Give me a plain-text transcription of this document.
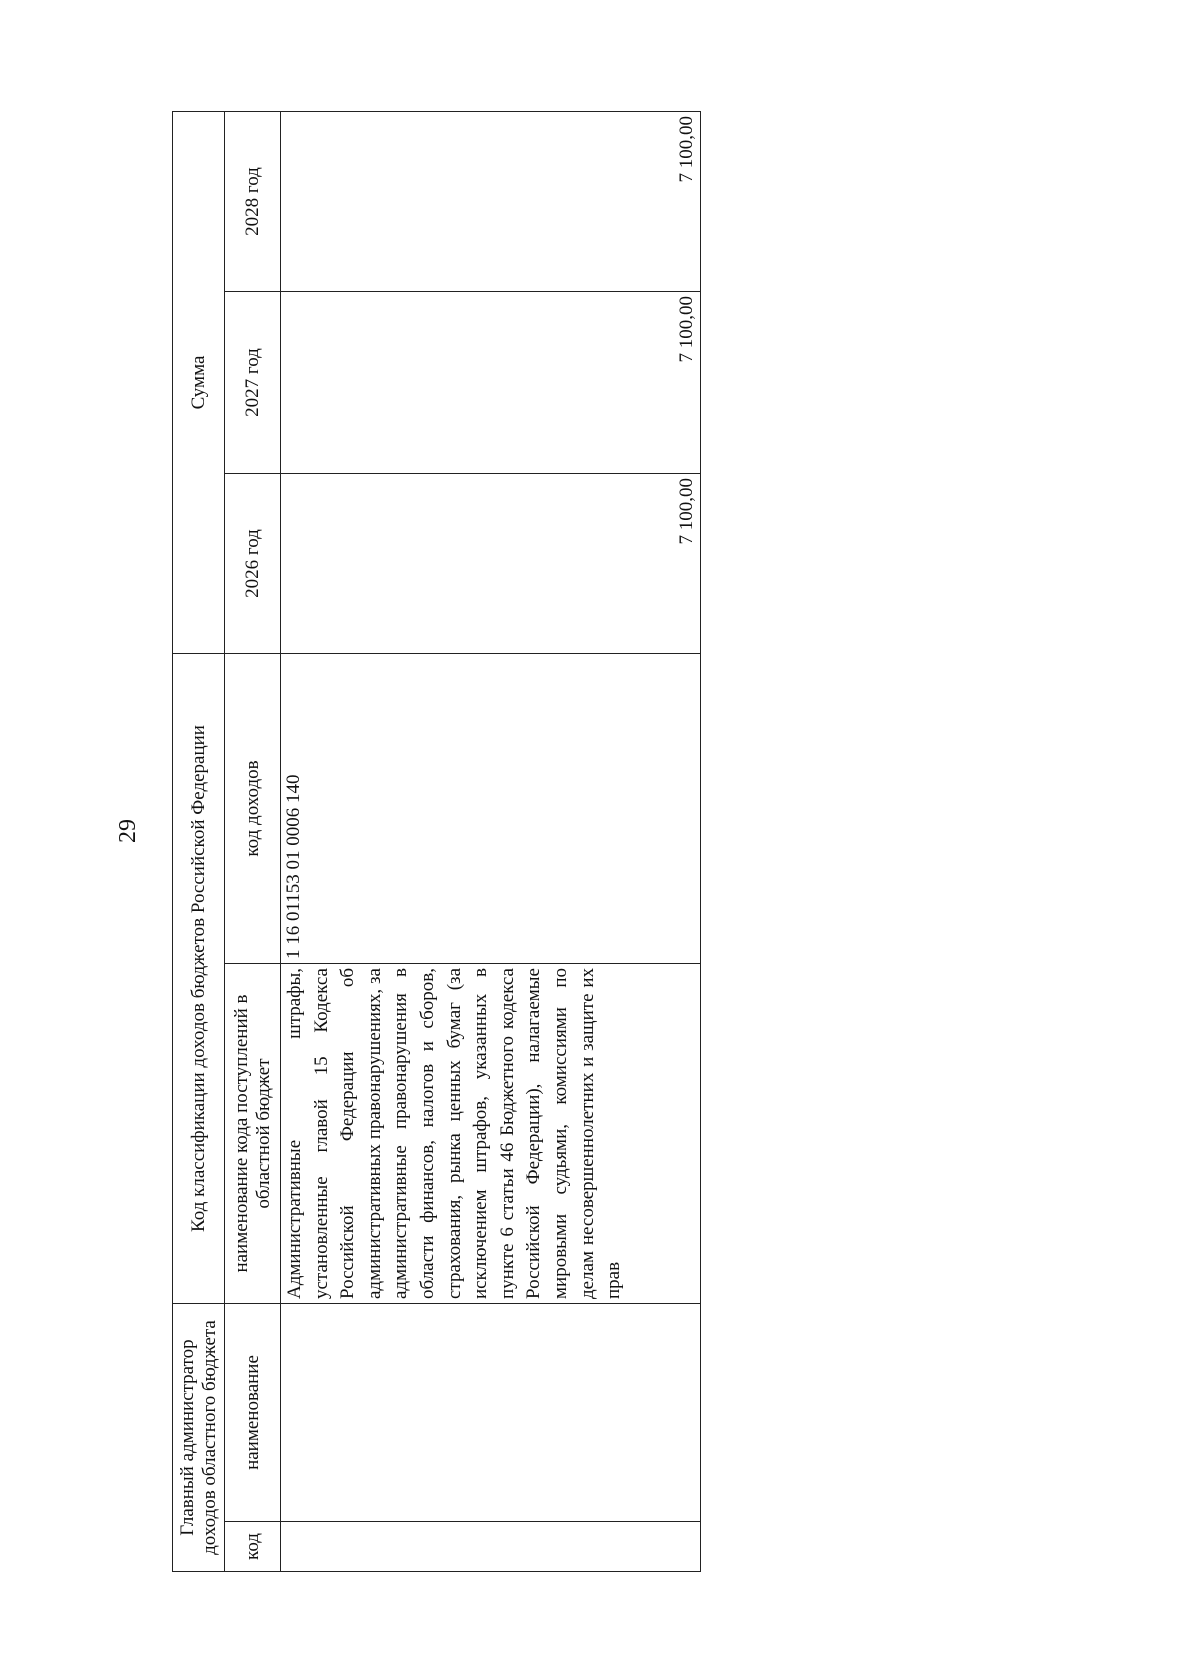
29
Главный администратор доходов областного бюджета		Код классификации доходов бюджетов Российской Федерации		Сумма		
код	наименование	наименование кода поступлений в областной бюджет	код доходов	2026 год	2027 год	2028 год
		Административные штрафы, установленные главой 15 Кодекса Российской Федерации об административных правонарушениях, за административные правонарушения в области финансов, налогов и сборов, страхования, рынка ценных бумаг (за исключением штрафов, указанных в пункте 6 статьи 46 Бюджетного кодекса Российской Федерации), налагаемые мировыми судьями, комиссиями по делам несовершеннолетних и защите их прав	1 16 01153 01 0006 140	7 100,00	7 100,00	7 100,00
